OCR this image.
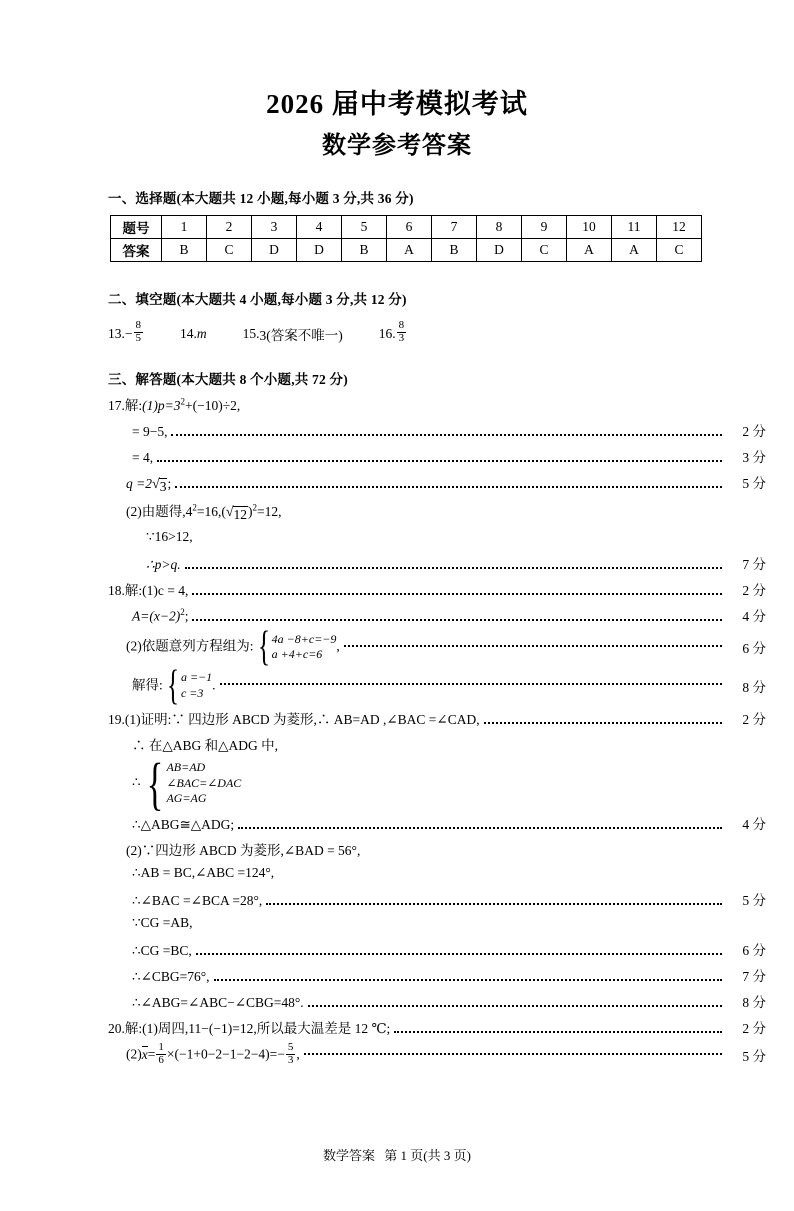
2026 届中考模拟考试
数学参考答案
一、选择题(本大题共 12 小题,每小题 3 分,共 36 分)
题号	1	2	3	4	5	6	7	8	9	10	11	12
答案	B	C	D	D	B	A	B	D	C	A	A	C
二、填空题(本大题共 4 小题,每小题 3 分,共 12 分)
13. − $\frac{8}{5}$	14. m	15. 3(答案不唯一)	16. $\frac{8}{3}$
三、解答题(本大题共 8 个小题,共 72 分)
17.解$:(1)p=3^2+(-10)\div 2$,
= 9−5,	2 分
= 4,	3 分
q =2 √ 3 ;	5 分
(2)由题得$,4^2=16$,( √ 12 )$^2$=12,
∵16>12,
∴p>q.	7 分
18.解:(1)c = 4,	2 分
$A=(x-2)^2$;	4 分
(2)依题意列方程组为: { 4a −8+c=−9
a +4+c=6
,	6 分
解得: { a =−1
c =3
.	8 分
19.(1)证明:∵ 四边形 ABCD 为菱形,∴ AB=AD ,∠BAC =∠CAD,	2 分
∴ 在△ABG 和△ADG 中,
∴ { AB=AD
∠BAC=∠DAC
AG=AG
∴△ABG≅△ADG;	4 分
(2)∵四边形 ABCD 为菱形,∠BAD = 56°,
∴AB = BC,∠ABC =124°,
∴∠BAC =∠BCA =28°,	5 分
∵CG =AB,
∴CG =BC,	6 分
∴∠CBG=76°,	7 分
∴∠ABG=∠ABC−∠CBG=48°.	8 分
20.解:(1)周四,11−(−1)=12,所以最大温差是 12 ℃;	2 分
$(2)x= \frac{1}{6} \times(-1+0-2-1-2-4)=- \frac{5}{3}$ ,	5 分
数学答案 第 1 页(共 3 页)
